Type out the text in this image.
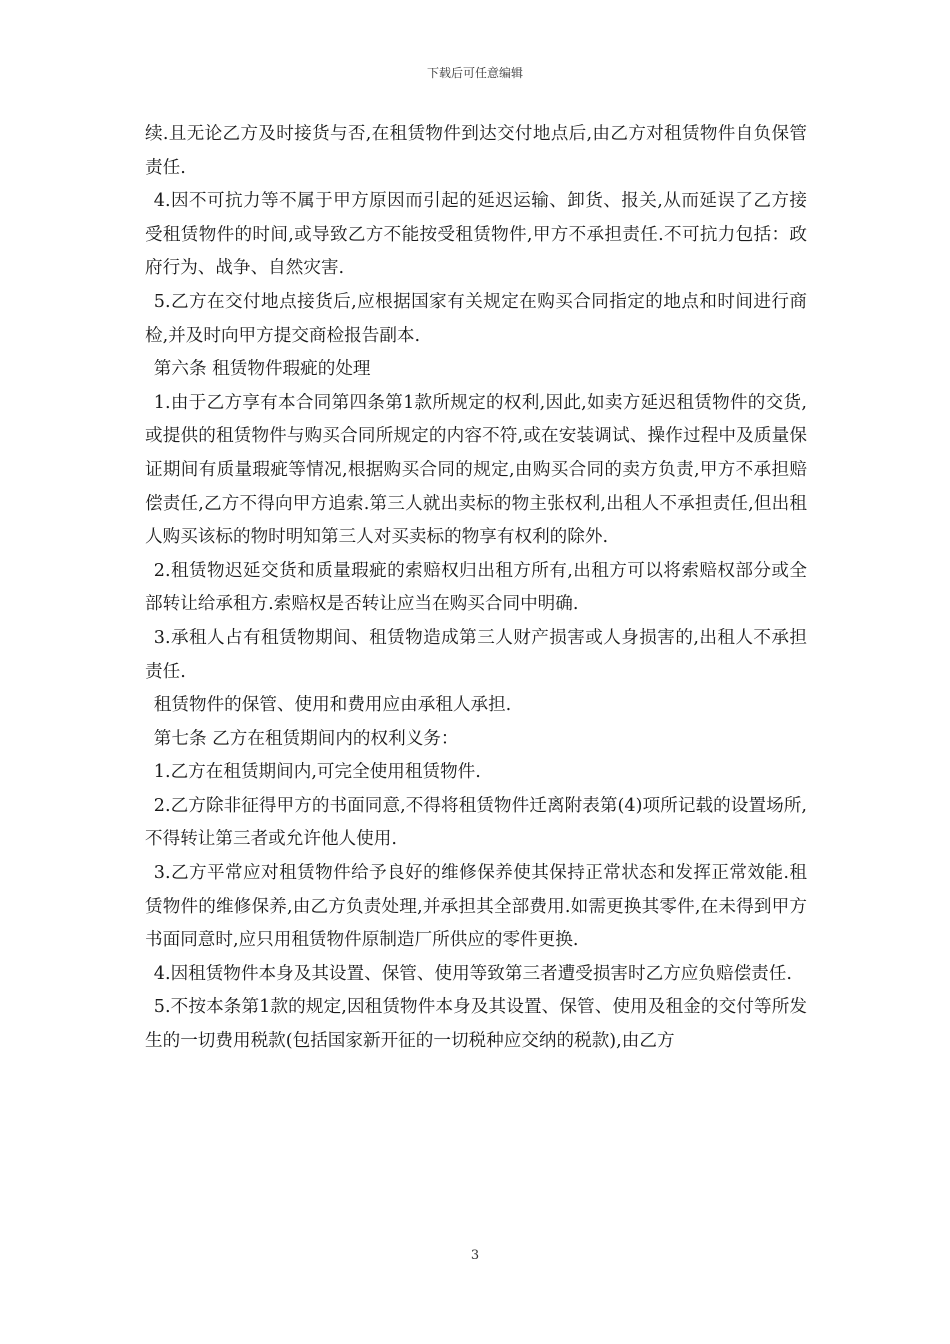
下载后可任意编辑

续.且无论乙方及时接货与否,在租赁物件到达交付地点后,由乙方对租赁物件自负保管责任.

4.因不可抗力等不属于甲方原因而引起的延迟运输、卸货、报关,从而延误了乙方接受租赁物件的时间,或导致乙方不能按受租赁物件,甲方不承担责任.不可抗力包括：政府行为、战争、自然灾害.

5.乙方在交付地点接货后,应根据国家有关规定在购买合同指定的地点和时间进行商检,并及时向甲方提交商检报告副本.

第六条 租赁物件瑕疵的处理

1.由于乙方享有本合同第四条第1款所规定的权利,因此,如卖方延迟租赁物件的交货,或提供的租赁物件与购买合同所规定的内容不符,或在安装调试、操作过程中及质量保证期间有质量瑕疵等情况,根据购买合同的规定,由购买合同的卖方负责,甲方不承担赔偿责任,乙方不得向甲方追索.第三人就出卖标的物主张权利,出租人不承担责任,但出租人购买该标的物时明知第三人对买卖标的物享有权利的除外.

2.租赁物迟延交货和质量瑕疵的索赔权归出租方所有,出租方可以将索赔权部分或全部转让给承租方.索赔权是否转让应当在购买合同中明确.

3.承租人占有租赁物期间、租赁物造成第三人财产损害或人身损害的,出租人不承担责任.

租赁物件的保管、使用和费用应由承租人承担.

第七条 乙方在租赁期间内的权利义务：

1.乙方在租赁期间内,可完全使用租赁物件.

2.乙方除非征得甲方的书面同意,不得将租赁物件迁离附表第(4)项所记载的设置场所,不得转让第三者或允许他人使用.

3.乙方平常应对租赁物件给予良好的维修保养使其保持正常状态和发挥正常效能.租赁物件的维修保养,由乙方负责处理,并承担其全部费用.如需更换其零件,在未得到甲方书面同意时,应只用租赁物件原制造厂所供应的零件更换.

4.因租赁物件本身及其设置、保管、使用等致第三者遭受损害时乙方应负赔偿责任.

5.不按本条第1款的规定,因租赁物件本身及其设置、保管、使用及租金的交付等所发生的一切费用税款(包括国家新开征的一切税种应交纳的税款),由乙方

3
